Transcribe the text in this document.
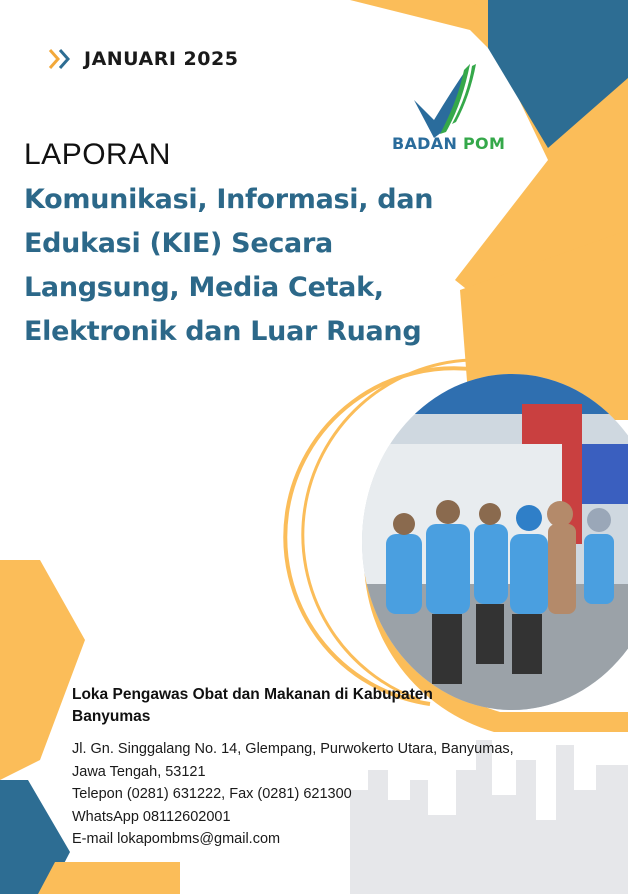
JANUARI 2025
BADAN POM
LAPORAN
Komunikasi, Informasi, dan
Edukasi (KIE) Secara
Langsung, Media Cetak,
Elektronik dan Luar Ruang
Loka Pengawas Obat dan Makanan di Kabupaten
Banyumas
Jl. Gn. Singgalang No. 14, Glempang, Purwokerto Utara, Banyumas,
Jawa Tengah, 53121
Telepon (0281) 631222, Fax (0281) 621300
WhatsApp 08112602001
E-mail lokapombms@gmail.com
